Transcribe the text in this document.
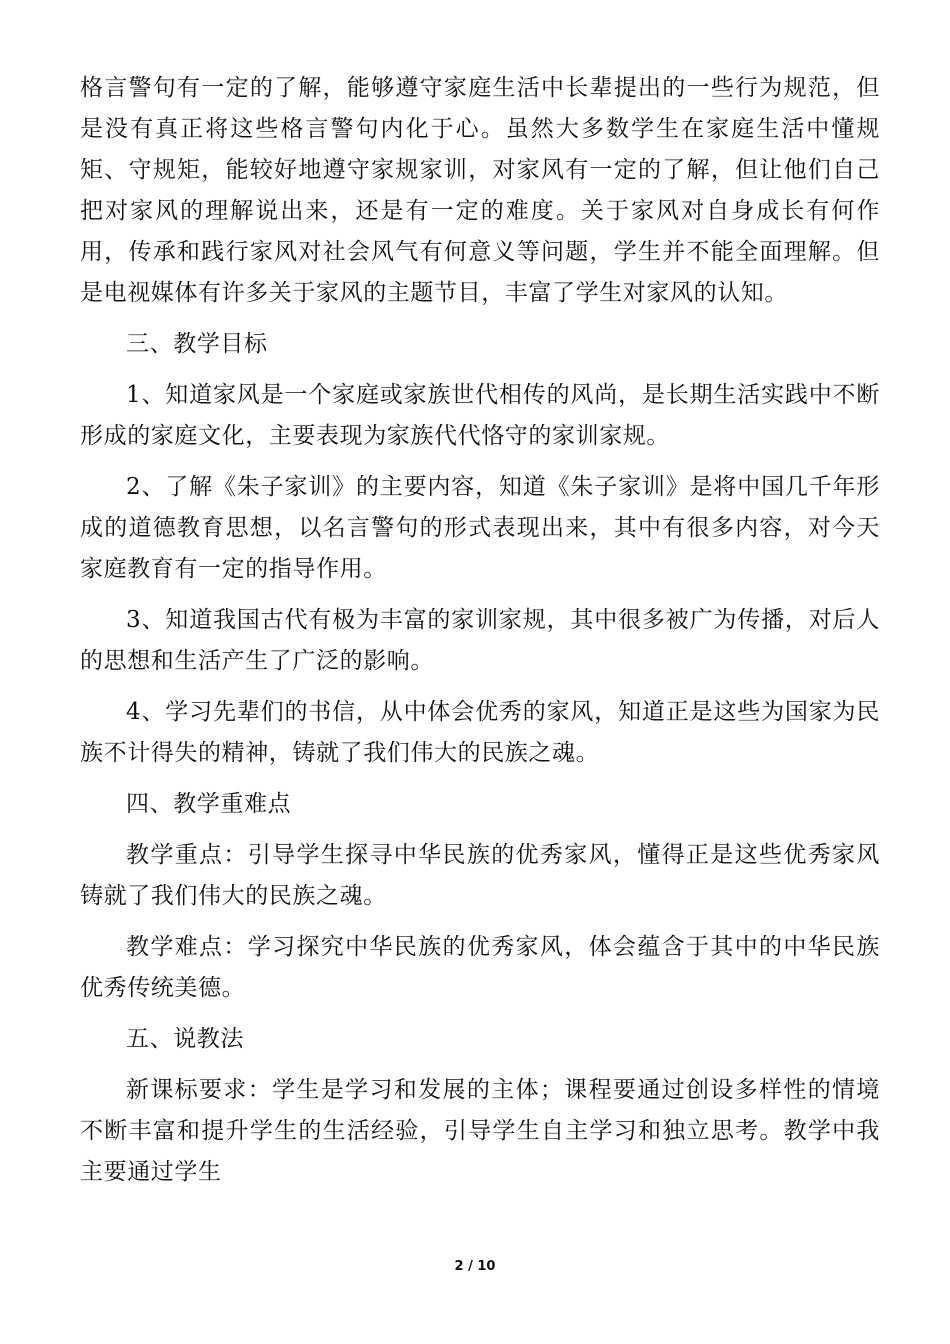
格言警句有一定的了解，能够遵守家庭生活中长辈提出的一些行为规范，但是没有真正将这些格言警句内化于心。虽然大多数学生在家庭生活中懂规矩、守规矩，能较好地遵守家规家训，对家风有一定的了解，但让他们自己把对家风的理解说出来，还是有一定的难度。关于家风对自身成长有何作用，传承和践行家风对社会风气有何意义等问题，学生并不能全面理解。但是电视媒体有许多关于家风的主题节目，丰富了学生对家风的认知。

三、教学目标

1、知道家风是一个家庭或家族世代相传的风尚，是长期生活实践中不断形成的家庭文化，主要表现为家族代代恪守的家训家规。

2、了解《朱子家训》的主要内容，知道《朱子家训》是将中国几千年形成的道德教育思想，以名言警句的形式表现出来，其中有很多内容，对今天家庭教育有一定的指导作用。

3、知道我国古代有极为丰富的家训家规，其中很多被广为传播，对后人的思想和生活产生了广泛的影响。

4、学习先辈们的书信，从中体会优秀的家风，知道正是这些为国家为民族不计得失的精神，铸就了我们伟大的民族之魂。

四、教学重难点

教学重点：引导学生探寻中华民族的优秀家风，懂得正是这些优秀家风铸就了我们伟大的民族之魂。

教学难点：学习探究中华民族的优秀家风，体会蕴含于其中的中华民族优秀传统美德。

五、说教法

新课标要求：学生是学习和发展的主体；课程要通过创设多样性的情境不断丰富和提升学生的生活经验，引导学生自主学习和独立思考。教学中我主要通过学生

2 / 10
